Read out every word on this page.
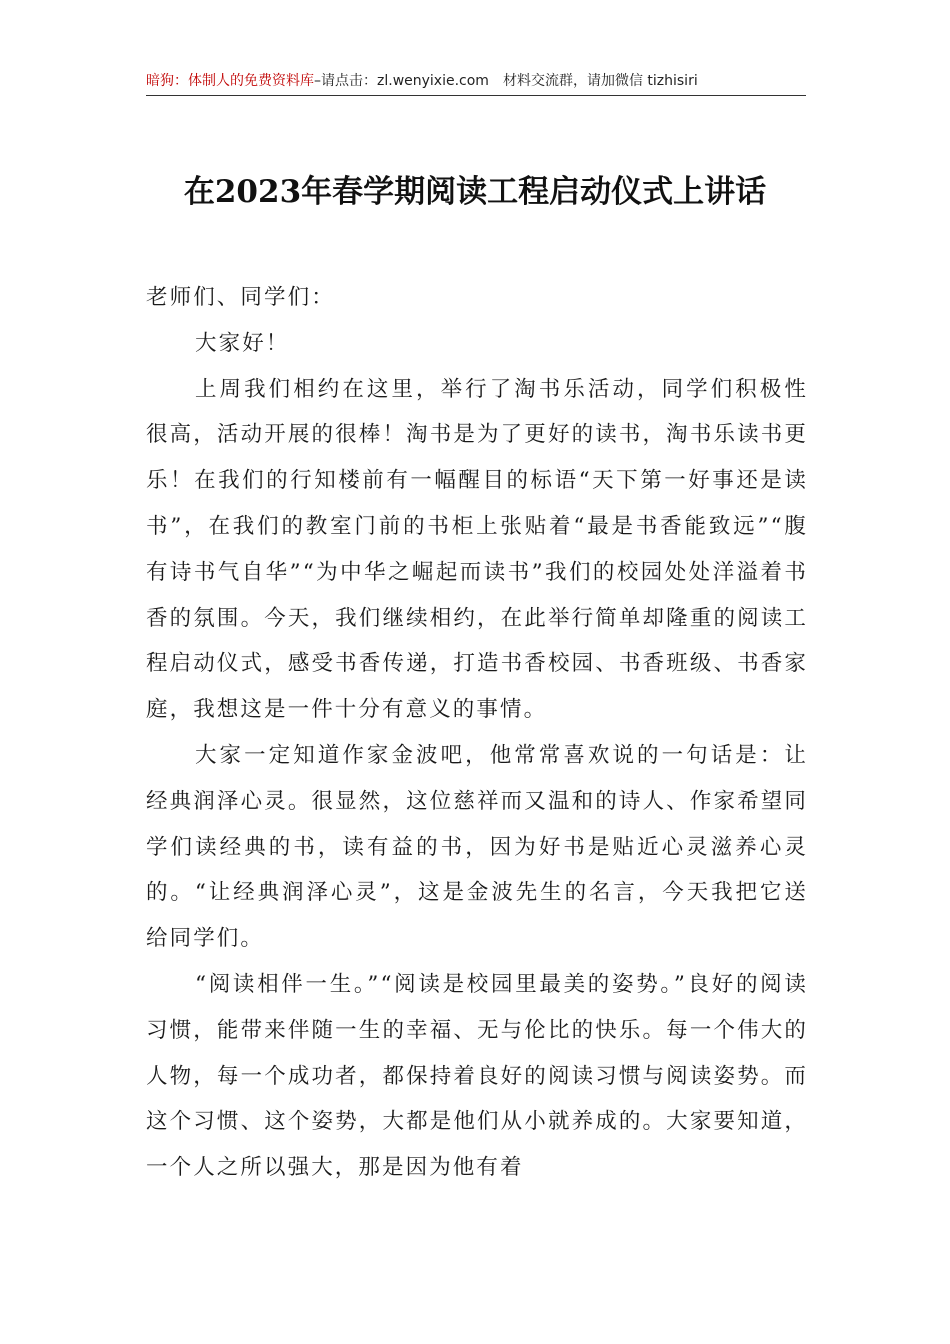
暗狗：体制人的免费资料库–请点击：zl.wenyixie.com 材料交流群，请加微信 tizhisiri
在2023年春学期阅读工程启动仪式上讲话

老师们、同学们：

大家好！

上周我们相约在这里，举行了淘书乐活动，同学们积极性很高，活动开展的很棒！淘书是为了更好的读书，淘书乐读书更乐！在我们的行知楼前有一幅醒目的标语“天下第一好事还是读书”，在我们的教室门前的书柜上张贴着“最是书香能致远”“腹有诗书气自华”“为中华之崛起而读书”我们的校园处处洋溢着书香的氛围。今天，我们继续相约，在此举行简单却隆重的阅读工程启动仪式，感受书香传递，打造书香校园、书香班级、书香家庭，我想这是一件十分有意义的事情。

大家一定知道作家金波吧，他常常喜欢说的一句话是：让经典润泽心灵。很显然，这位慈祥而又温和的诗人、作家希望同学们读经典的书，读有益的书，因为好书是贴近心灵滋养心灵的。“让经典润泽心灵”，这是金波先生的名言，今天我把它送给同学们。

“阅读相伴一生。”“阅读是校园里最美的姿势。”良好的阅读习惯，能带来伴随一生的幸福、无与伦比的快乐。每一个伟大的人物，每一个成功者，都保持着良好的阅读习惯与阅读姿势。而这个习惯、这个姿势，大都是他们从小就养成的。大家要知道，一个人之所以强大，那是因为他有着
